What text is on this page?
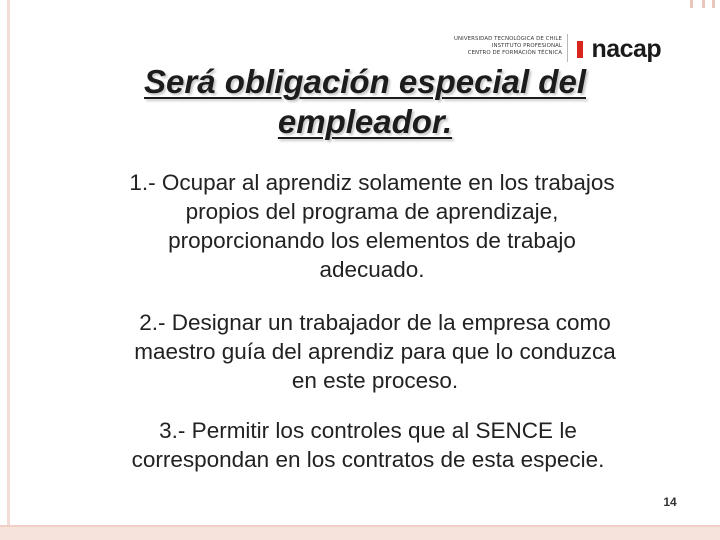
UNIVERSIDAD TECNOLÓGICA DE CHILE
INSTITUTO PROFESIONAL
CENTRO DE FORMACIÓN TÉCNICA nacap
Será obligación especial del
empleador.
1.- Ocupar al aprendiz solamente en los trabajos
propios del programa de aprendizaje,
proporcionando los elementos de trabajo
adecuado.
2.- Designar un trabajador de la empresa como
maestro guía del aprendiz para que lo conduzca
en este proceso.
3.- Permitir los controles que al SENCE le
correspondan en los contratos de esta especie.
14
